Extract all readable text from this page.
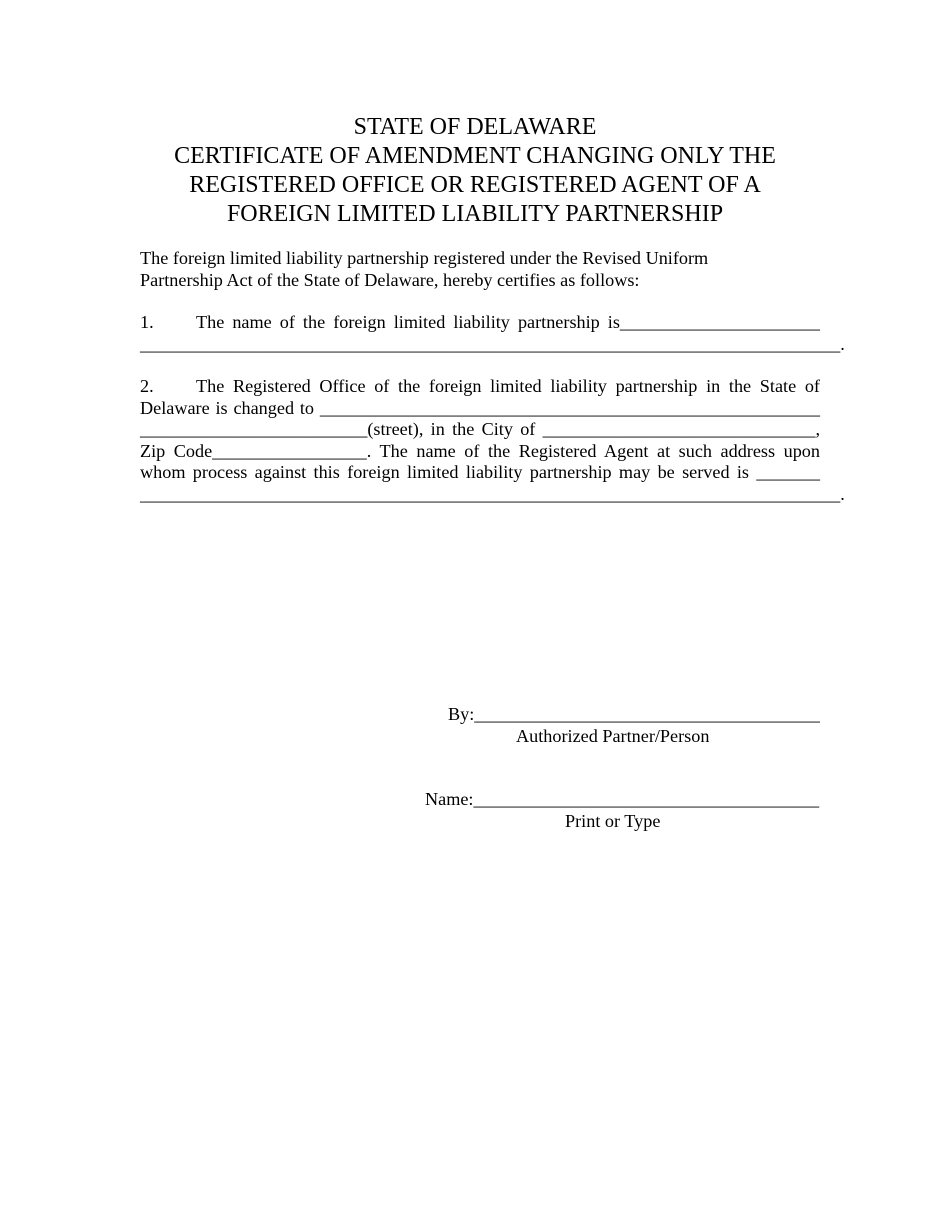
STATE OF DELAWARE
CERTIFICATE OF AMENDMENT CHANGING ONLY THE
REGISTERED OFFICE OR REGISTERED AGENT OF A
FOREIGN LIMITED LIABILITY PARTNERSHIP
The foreign limited liability partnership registered under the Revised Uniform
Partnership Act of the State of Delaware, hereby certifies as follows:
1. The name of the foreign limited liability partnership is______________________
_____________________________________________________________________________.
2. The Registered Office of the foreign limited liability partnership in the State of
Delaware is changed to _______________________________________________________
_________________________(street), in the City of ______________________________,
Zip Code_________________. The name of the Registered Agent at such address upon
whom process against this foreign limited liability partnership may be served is _______
_____________________________________________________________________________.
By:______________________________________
Authorized Partner/Person
Name:______________________________________
Print or Type
